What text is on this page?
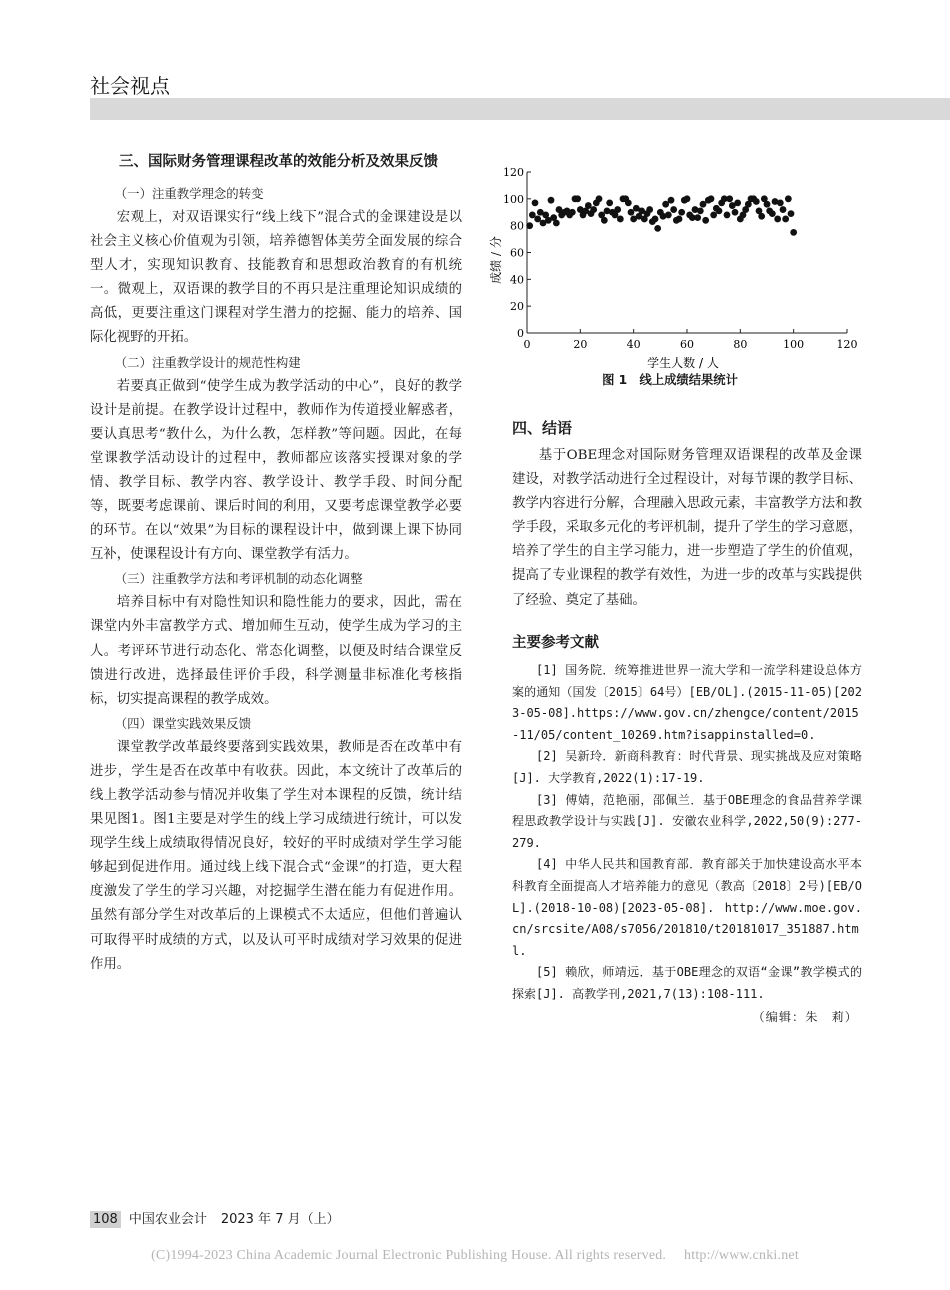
社会视点
三、国际财务管理课程改革的效能分析及效果反馈
（一）注重教学理念的转变

宏观上，对双语课实行“线上线下”混合式的金课建设是以社会主义核心价值观为引领，培养德智体美劳全面发展的综合型人才，实现知识教育、技能教育和思想政治教育的有机统一。微观上，双语课的教学目的不再只是注重理论知识成绩的高低，更要注重这门课程对学生潜力的挖掘、能力的培养、国际化视野的开拓。

（二）注重教学设计的规范性构建

若要真正做到“使学生成为教学活动的中心”，良好的教学设计是前提。在教学设计过程中，教师作为传道授业解惑者，要认真思考“教什么，为什么教，怎样教”等问题。因此，在每堂课教学活动设计的过程中，教师都应该落实授课对象的学情、教学目标、教学内容、教学设计、教学手段、时间分配等，既要考虑课前、课后时间的利用，又要考虑课堂教学必要的环节。在以“效果”为目标的课程设计中，做到课上课下协同互补，使课程设计有方向、课堂教学有活力。

（三）注重教学方法和考评机制的动态化调整

培养目标中有对隐性知识和隐性能力的要求，因此，需在课堂内外丰富教学方式、增加师生互动，使学生成为学习的主人。考评环节进行动态化、常态化调整，以便及时结合课堂反馈进行改进，选择最佳评价手段，科学测量非标准化考核指标，切实提高课程的教学成效。

（四）课堂实践效果反馈

课堂教学改革最终要落到实践效果，教师是否在改革中有进步，学生是否在改革中有收获。因此，本文统计了改革后的线上教学活动参与情况并收集了学生对本课程的反馈，统计结果见图1。图1主要是对学生的线上学习成绩进行统计，可以发现学生线上成绩取得情况良好，较好的平时成绩对学生学习能够起到促进作用。通过线上线下混合式“金课”的打造，更大程度激发了学生的学习兴趣，对挖掘学生潜在能力有促进作用。虽然有部分学生对改革后的上课模式不太适应，但他们普遍认可取得平时成绩的方式，以及认可平时成绩对学习效果的促进作用。

0	20	40	60	80	100	120
0
20
40
60
80
100
120
学生人数 / 人
成绩 / 分
图 1　线上成绩结果统计
四、结语

基于OBE理念对国际财务管理双语课程的改革及金课建设，对教学活动进行全过程设计，对每节课的教学目标、教学内容进行分解，合理融入思政元素，丰富教学方法和教学手段，采取多元化的考评机制，提升了学生的学习意愿，培养了学生的自主学习能力，进一步塑造了学生的价值观，提高了专业课程的教学有效性，为进一步的改革与实践提供了经验、奠定了基础。

主要参考文献

[1] 国务院．统筹推进世界一流大学和一流学科建设总体方案的通知（国发〔2015〕64号）[EB/OL].(2015-11-05)[2023-05-08].https://www.gov.cn/zhengce/content/2015-11/05/content_10269.htm?isappinstalled=0.

[2] 吴新玲．新商科教育：时代背景、现实挑战及应对策略[J]. 大学教育,2022(1):17-19.

[3] 傅婧，范艳丽，邵佩兰．基于OBE理念的食品营养学课程思政教学设计与实践[J]. 安徽农业科学,2022,50(9):277-279.

[4] 中华人民共和国教育部．教育部关于加快建设高水平本科教育全面提高人才培养能力的意见（教高〔2018〕2号)[EB/OL].(2018-10-08)[2023-05-08]. http://www.moe.gov.cn/srcsite/A08/s7056/201810/t20181017_351887.html.

[5] 赖欣，师靖远．基于OBE理念的双语“金课”教学模式的探索[J]. 高教学刊,2021,7(13):108-111.

（编辑：朱　莉）
108 中国农业会计 2023 年 7 月（上）
(C)1994-2023 China Academic Journal Electronic Publishing House. All rights reserved.　 http://www.cnki.net
